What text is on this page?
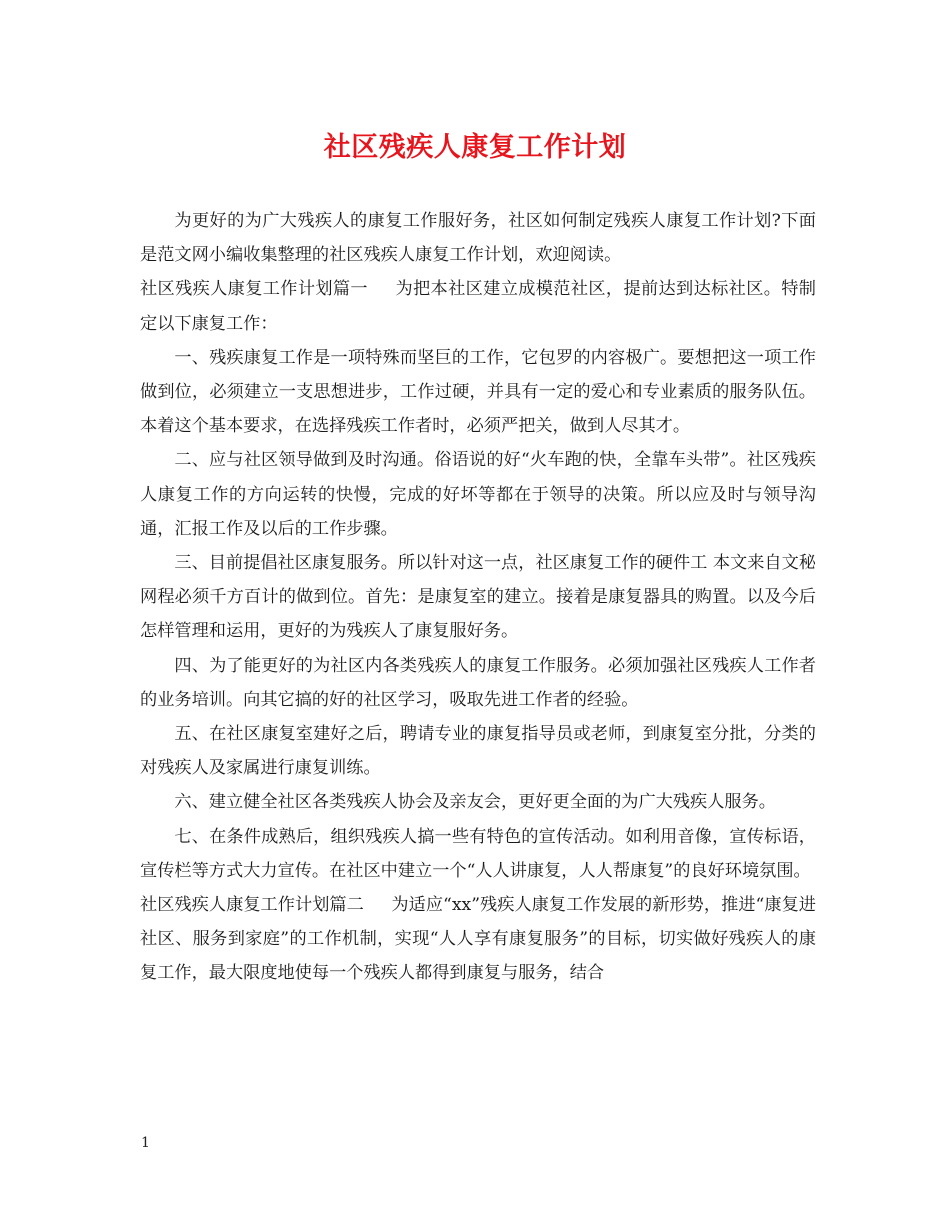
社区残疾人康复工作计划

为更好的为广大残疾人的康复工作服好务，社区如何制定残疾人康复工作计划?下面是范文网小编收集整理的社区残疾人康复工作计划，欢迎阅读。

社区残疾人康复工作计划篇一 为把本社区建立成模范社区，提前达到达标社区。特制定以下康复工作：

一、残疾康复工作是一项特殊而坚巨的工作，它包罗的内容极广。要想把这一项工作做到位，必须建立一支思想进步，工作过硬，并具有一定的爱心和专业素质的服务队伍。本着这个基本要求，在选择残疾工作者时，必须严把关，做到人尽其才。

二、应与社区领导做到及时沟通。俗语说的好“火车跑的快，全靠车头带”。社区残疾人康复工作的方向运转的快慢，完成的好坏等都在于领导的决策。所以应及时与领导沟通，汇报工作及以后的工作步骤。

三、目前提倡社区康复服务。所以针对这一点，社区康复工作的硬件工 本文来自文秘网程必须千方百计的做到位。首先：是康复室的建立。接着是康复器具的购置。以及今后怎样管理和运用，更好的为残疾人了康复服好务。

四、为了能更好的为社区内各类残疾人的康复工作服务。必须加强社区残疾人工作者的业务培训。向其它搞的好的社区学习，吸取先进工作者的经验。

五、在社区康复室建好之后，聘请专业的康复指导员或老师，到康复室分批，分类的对残疾人及家属进行康复训练。

六、建立健全社区各类残疾人协会及亲友会，更好更全面的为广大残疾人服务。

七、在条件成熟后，组织残疾人搞一些有特色的宣传活动。如利用音像，宣传标语，宣传栏等方式大力宣传。在社区中建立一个“人人讲康复，人人帮康复”的良好环境氛围。

社区残疾人康复工作计划篇二 为适应“xx”残疾人康复工作发展的新形势，推进“康复进社区、服务到家庭”的工作机制，实现“人人享有康复服务”的目标，切实做好残疾人的康复工作，最大限度地使每一个残疾人都得到康复与服务，结合

1
